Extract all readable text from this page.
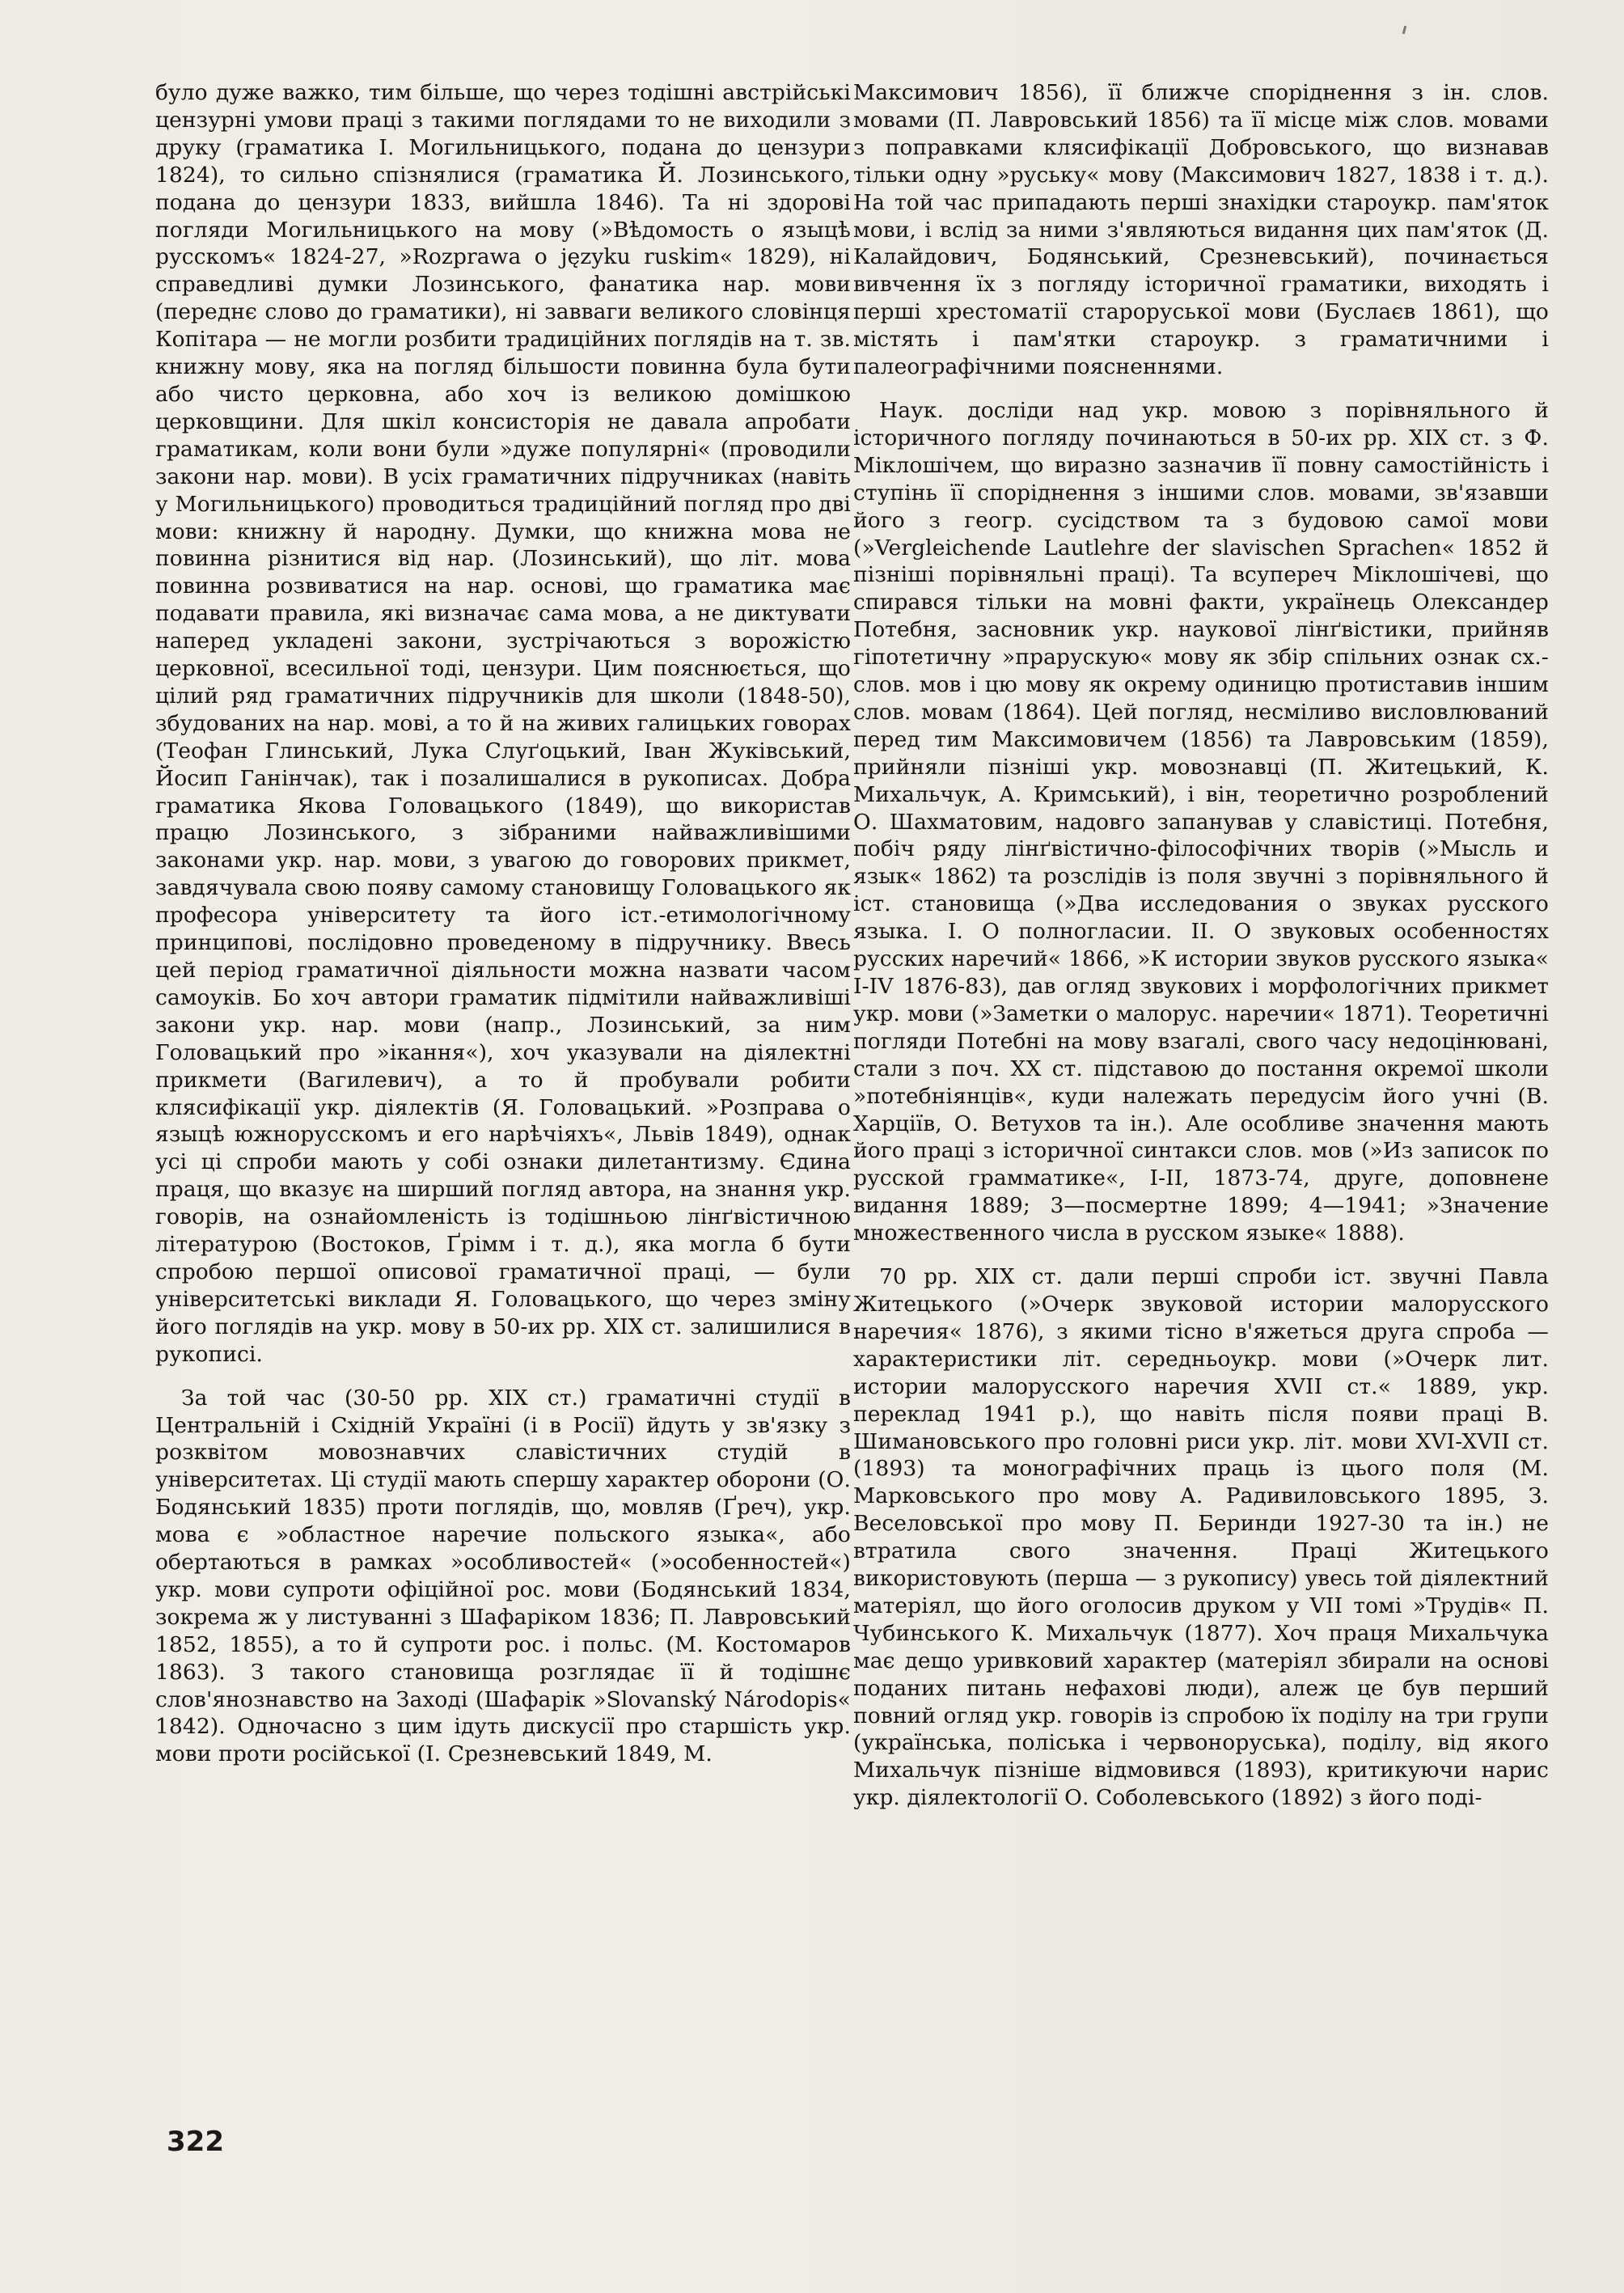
було дуже важко, тим більше, що через тодішні австрійські цензурні умови праці з такими поглядами то не виходили з друку (граматика І. Могильницького, подана до цензури 1824), то сильно спізнялися (граматика Й. Лозинського, подана до цензури 1833, вийшла 1846). Та ні здорові погляди Могильницького на мову (»Вѣдомость о языцѣ русскомъ« 1824-27, »Rozprawa o języku ruskim« 1829), ні справедливі думки Лозинського, фанатика нар. мови (переднє слово до граматики), ні завваги великого словінця Копітара — не могли розбити традиційних поглядів на т. зв. книжну мову, яка на погляд більшости повинна була бути або чисто церковна, або хоч із великою домішкою церковщини. Для шкіл консисторія не давала апробати граматикам, коли вони були »дуже популярні« (проводили закони нар. мови). В усіх граматичних підручниках (навіть у Могильницького) проводиться традиційний погляд про дві мови: книжну й народну. Думки, що книжна мова не повинна різнитися від нар. (Лозинський), що літ. мова повинна розвиватися на нар. основі, що граматика має подавати правила, які визначає сама мова, а не диктувати наперед укладені закони, зустрічаються з ворожістю церковної, всесильної тоді, цензури. Цим пояснюється, що цілий ряд граматичних підручників для школи (1848-50), збудованих на нар. мові, а то й на живих галицьких говорах (Теофан Глинський, Лука Слуґоцький, Іван Жуківський, Йосип Ганінчак), так і позалишалися в рукописах. Добра граматика Якова Головацького (1849), що використав працю Лозинського, з зібраними найважливішими законами укр. нар. мови, з увагою до говорових прикмет, завдячувала свою появу самому становищу Головацького як професора університету та його іст.-етимологічному принципові, послідовно проведеному в підручнику. Ввесь цей період граматичної діяльности можна назвати часом самоуків. Бо хоч автори граматик підмітили найважливіші закони укр. нар. мови (напр., Лозинський, за ним Головацький про »ікання«), хоч указували на діялектні прикмети (Вагилевич), а то й пробували робити клясифікації укр. діялектів (Я. Головацький. »Розправа о языцѣ южнорусскомъ и его нарѣчіяхъ«, Львів 1849), однак усі ці спроби мають у собі ознаки дилетантизму. Єдина праця, що вказує на ширший погляд автора, на знання укр. говорів, на ознайомленість із тодішньою лінґвістичною літературою (Востоков, Ґрімм і т. д.), яка могла б бути спробою першої описової граматичної праці, — були університетські виклади Я. Головацького, що через зміну його поглядів на укр. мову в 50-их рр. XIX ст. залишилися в рукописі.

За той час (30-50 рр. XIX ст.) граматичні студії в Центральній і Східній Україні (і в Росії) йдуть у зв'язку з розквітом мовознавчих славістичних студій в університетах. Ці студії мають спершу характер оборони (О. Бодянський 1835) проти поглядів, що, мовляв (Ґреч), укр. мова є »областное наречие польского языка«, або обертаються в рамках »особливостей« (»особенностей«) укр. мови супроти офіційної рос. мови (Бодянський 1834, зокрема ж у листуванні з Шафаріком 1836; П. Лавровський 1852, 1855), а то й супроти рос. і польс. (М. Костомаров 1863). З такого становища розглядає її й тодішнє слов'янознавство на Заході (Шафарік »Slovanský Národopis« 1842). Одночасно з цим ідуть дискусії про старшість укр. мови проти російської (І. Срезневський 1849, М.

Максимович 1856), її ближче споріднення з ін. слов. мовами (П. Лавровський 1856) та її місце між слов. мовами з поправками клясифікації Добровського, що визнавав тільки одну »руську« мову (Максимович 1827, 1838 і т. д.). На той час припадають перші знахідки староукр. пам'яток мови, і вслід за ними з'являються видання цих пам'яток (Д. Калайдович, Бодянський, Срезневський), починається вивчення їх з погляду історичної граматики, виходять і перші хрестоматії староруської мови (Буслаєв 1861), що містять і пам'ятки староукр. з граматичними і палеографічними поясненнями.

Наук. досліди над укр. мовою з порівняльного й історичного погляду починаються в 50-их рр. XIX ст. з Ф. Міклошічем, що виразно зазначив її повну самостійність і ступінь її споріднення з іншими слов. мовами, зв'язавши його з геогр. сусідством та з будовою самої мови (»Vergleichende Lautlehre der slavischen Sprachen« 1852 й пізніші порівняльні праці). Та всупереч Міклошічеві, що спирався тільки на мовні факти, українець Олександер Потебня, засновник укр. наукової лінґвістики, прийняв гіпотетичну »прарускую« мову як збір спільних ознак сх.-слов. мов і цю мову як окрему одиницю протиставив іншим слов. мовам (1864). Цей погляд, несміливо висловлюваний перед тим Максимовичем (1856) та Лавровським (1859), прийняли пізніші укр. мовознавці (П. Житецький, К. Михальчук, А. Кримський), і він, теоретично розроблений О. Шахматовим, надовго запанував у славістиці. Потебня, побіч ряду лінґвістично-філософічних творів (»Мысль и язык« 1862) та розслідів із поля звучні з порівняльного й іст. становища (»Два исследования о звуках русского языка. I. О полногласии. II. О звуковых особенностях русских наречий« 1866, »К истории звуков русского языка« I-IV 1876-83), дав огляд звукових і морфологічних прикмет укр. мови (»Заметки о малорус. наречии« 1871). Теоретичні погляди Потебні на мову взагалі, свого часу недоцінювані, стали з поч. XX ст. підставою до постання окремої школи »потебніянців«, куди належать передусім його учні (В. Харціїв, О. Ветухов та ін.). Але особливе значення мають його праці з історичної синтакси слов. мов (»Из записок по русской грамматике«, I-II, 1873-74, друге, доповнене видання 1889; 3—посмертне 1899; 4—1941; »Значение множественного числа в русском языке« 1888).

70 рр. XIX ст. дали перші спроби іст. звучні Павла Житецького (»Очерк звуковой истории малорусского наречия« 1876), з якими тісно в'яжеться друга спроба — характеристики літ. середньоукр. мови (»Очерк лит. истории малорусского наречия XVII ст.« 1889, укр. переклад 1941 р.), що навіть після появи праці В. Шимановського про головні риси укр. літ. мови XVI-XVII ст. (1893) та монографічних праць із цього поля (М. Марковського про мову А. Радивиловського 1895, З. Веселовської про мову П. Беринди 1927-30 та ін.) не втратила свого значення. Праці Житецького використовують (перша — з рукопису) увесь той діялектний матеріял, що його оголосив друком у VII томі »Трудів« П. Чубинського К. Михальчук (1877). Хоч праця Михальчука має дещо уривковий характер (матеріял збирали на основі поданих питань нефахові люди), алеж це був перший повний огляд укр. говорів із спробою їх поділу на три групи (українська, поліська і червоноруська), поділу, від якого Михальчук пізніше відмовився (1893), критикуючи нарис укр. діялектології О. Соболевського (1892) з його поді-

322
